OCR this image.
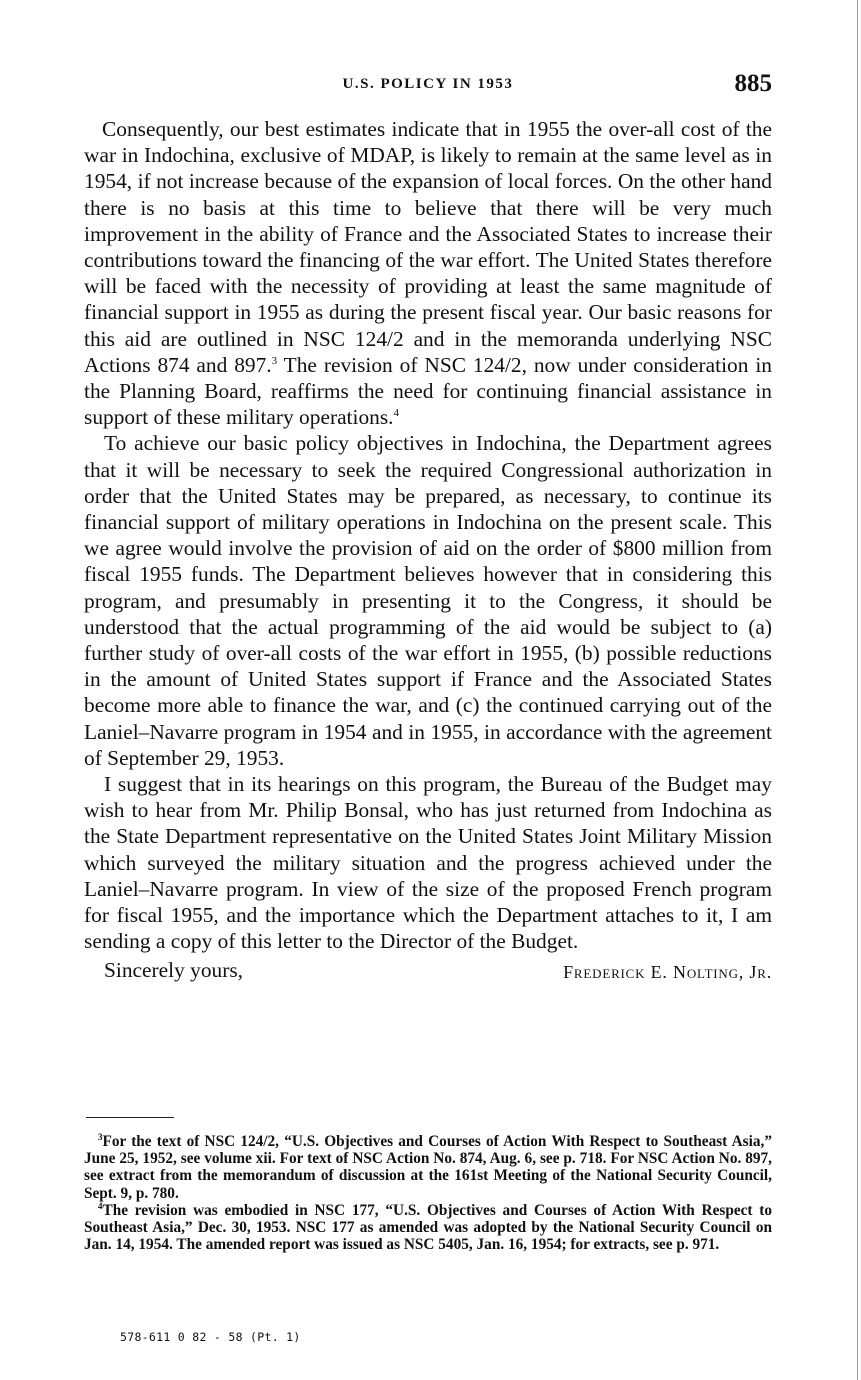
U.S. POLICY IN 1953	885

Consequently, our best estimates indicate that in 1955 the over-all cost of the war in Indochina, exclusive of MDAP, is likely to remain at the same level as in 1954, if not increase because of the expansion of local forces. On the other hand there is no basis at this time to believe that there will be very much improvement in the ability of France and the Associated States to increase their contributions toward the financing of the war effort. The United States therefore will be faced with the necessity of providing at least the same magnitude of financial support in 1955 as during the present fiscal year. Our basic reasons for this aid are outlined in NSC 124/2 and in the memoranda underlying NSC Actions 874 and 897.$^3$ The revision of NSC 124/2, now under consideration in the Planning Board, reaffirms the need for continuing financial assistance in support of these military operations.$^4$

To achieve our basic policy objectives in Indochina, the Department agrees that it will be necessary to seek the required Congressional authorization in order that the United States may be prepared, as necessary, to continue its financial support of military operations in Indochina on the present scale. This we agree would involve the provision of aid on the order of $800 million from fiscal 1955 funds. The Department believes however that in considering this program, and presumably in presenting it to the Congress, it should be understood that the actual programming of the aid would be subject to (a) further study of over-all costs of the war effort in 1955, (b) possible reductions in the amount of United States support if France and the Associated States become more able to finance the war, and (c) the continued carrying out of the Laniel–Navarre program in 1954 and in 1955, in accordance with the agreement of September 29, 1953.

I suggest that in its hearings on this program, the Bureau of the Budget may wish to hear from Mr. Philip Bonsal, who has just returned from Indochina as the State Department representative on the United States Joint Military Mission which surveyed the military situation and the progress achieved under the Laniel–Navarre program. In view of the size of the proposed French program for fiscal 1955, and the importance which the Department attaches to it, I am sending a copy of this letter to the Director of the Budget.

Sincerely yours,	Frederick E. Nolting, Jr.

$^3$For the text of NSC 124/2, “U.S. Objectives and Courses of Action With Respect to Southeast Asia,” June 25, 1952, see volume xii. For text of NSC Action No. 874, Aug. 6, see p. 718. For NSC Action No. 897, see extract from the memorandum of discussion at the 161st Meeting of the National Security Council, Sept. 9, p. 780.

$^4$The revision was embodied in NSC 177, “U.S. Objectives and Courses of Action With Respect to Southeast Asia,” Dec. 30, 1953. NSC 177 as amended was adopted by the National Security Council on Jan. 14, 1954. The amended report was issued as NSC 5405, Jan. 16, 1954; for extracts, see p. 971.

578-611 0 82 - 58 (Pt. 1)
